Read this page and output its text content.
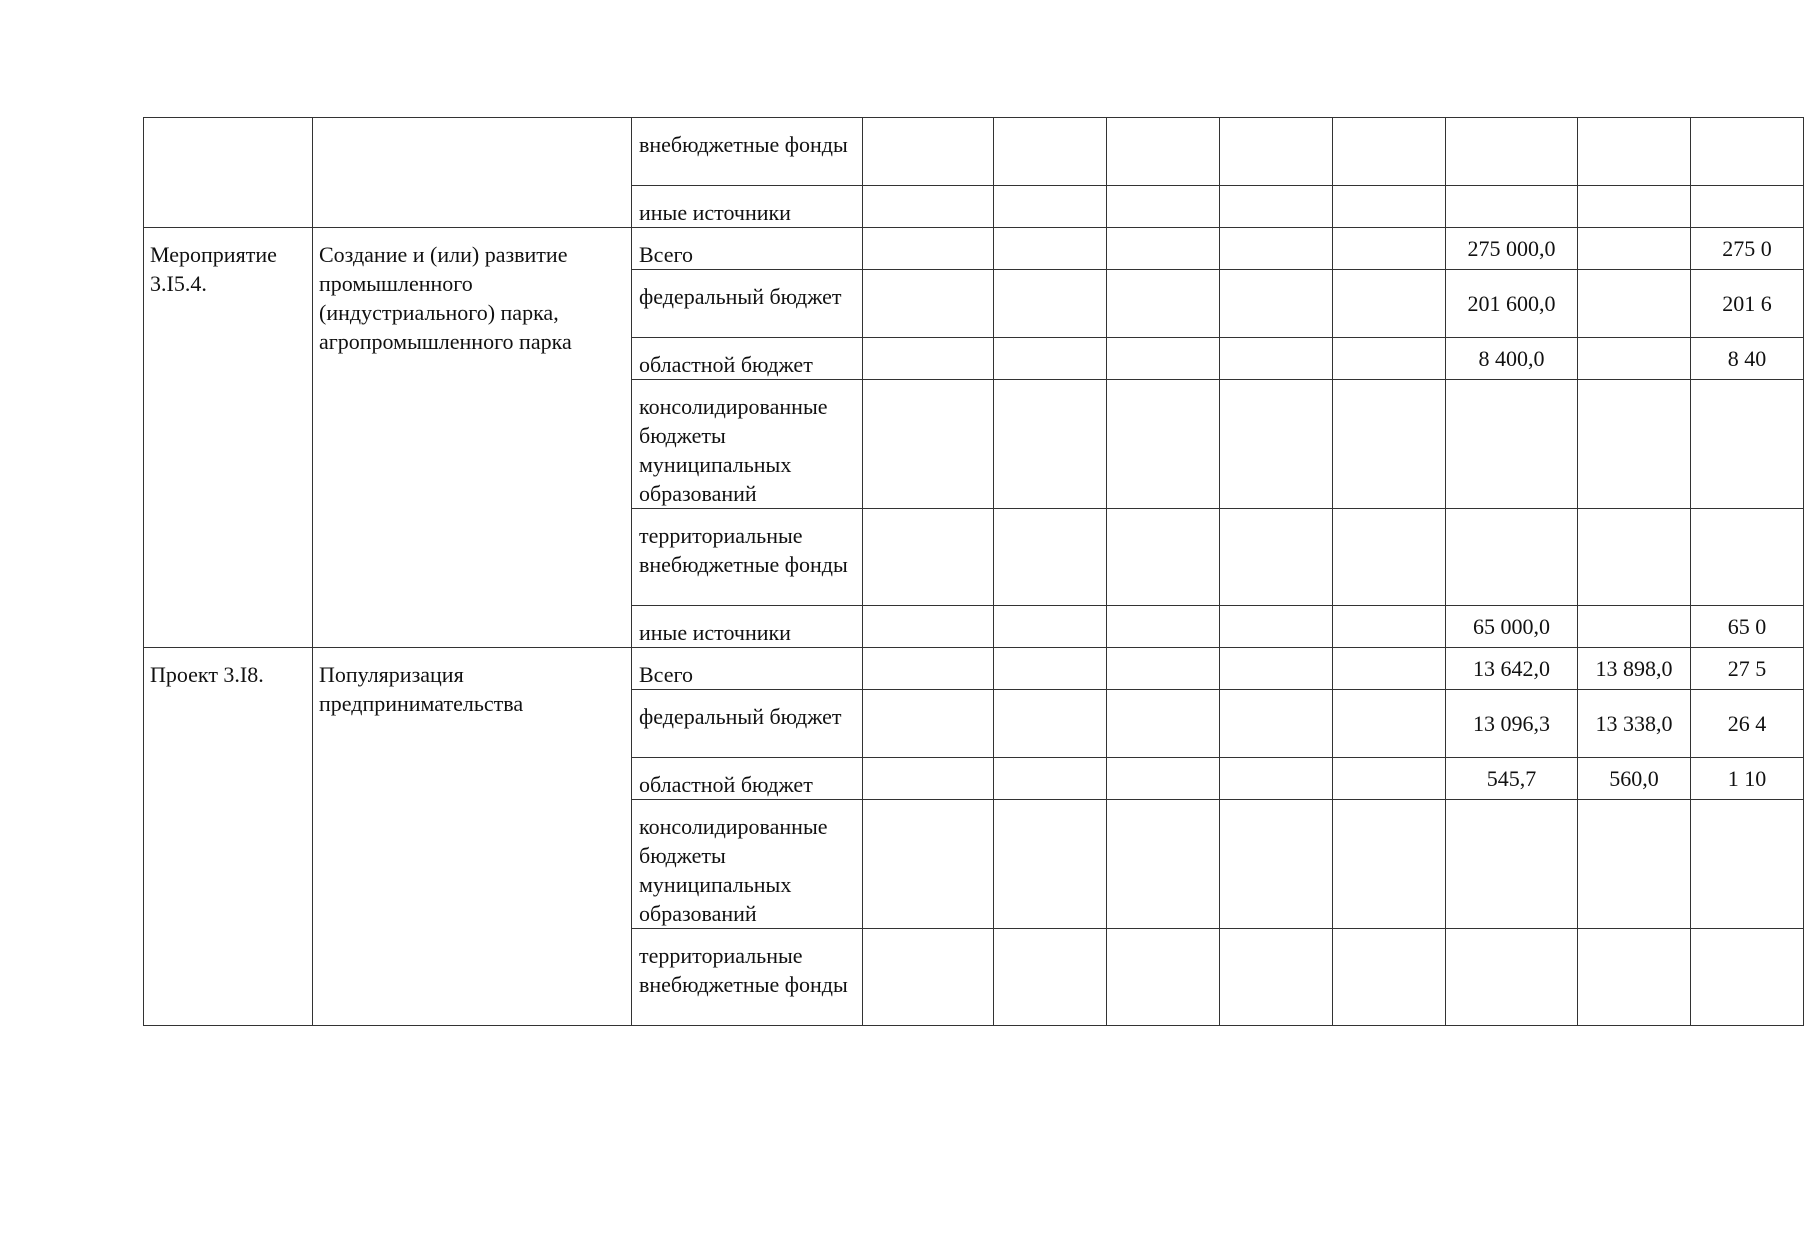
		внебюджетные фонды								
		иные источники								
Мероприятие 3.I5.4.	Создание и (или) развитие промышленного (индустриального) парка, агропромышленного парка	Всего						275 000,0		275 0
		федеральный бюджет						201 600,0		201 6
		областной бюджет						8 400,0		8 40
		консолидированные бюджеты муниципальных образований								
		территориальные внебюджетные фонды								
		иные источники						65 000,0		65 0
Проект 3.I8.	Популяризация предпринимательства	Всего						13 642,0	13 898,0	27 5
		федеральный бюджет						13 096,3	13 338,0	26 4
		областной бюджет						545,7	560,0	1 10
		консолидированные бюджеты муниципальных образований								
		территориальные внебюджетные фонды								
